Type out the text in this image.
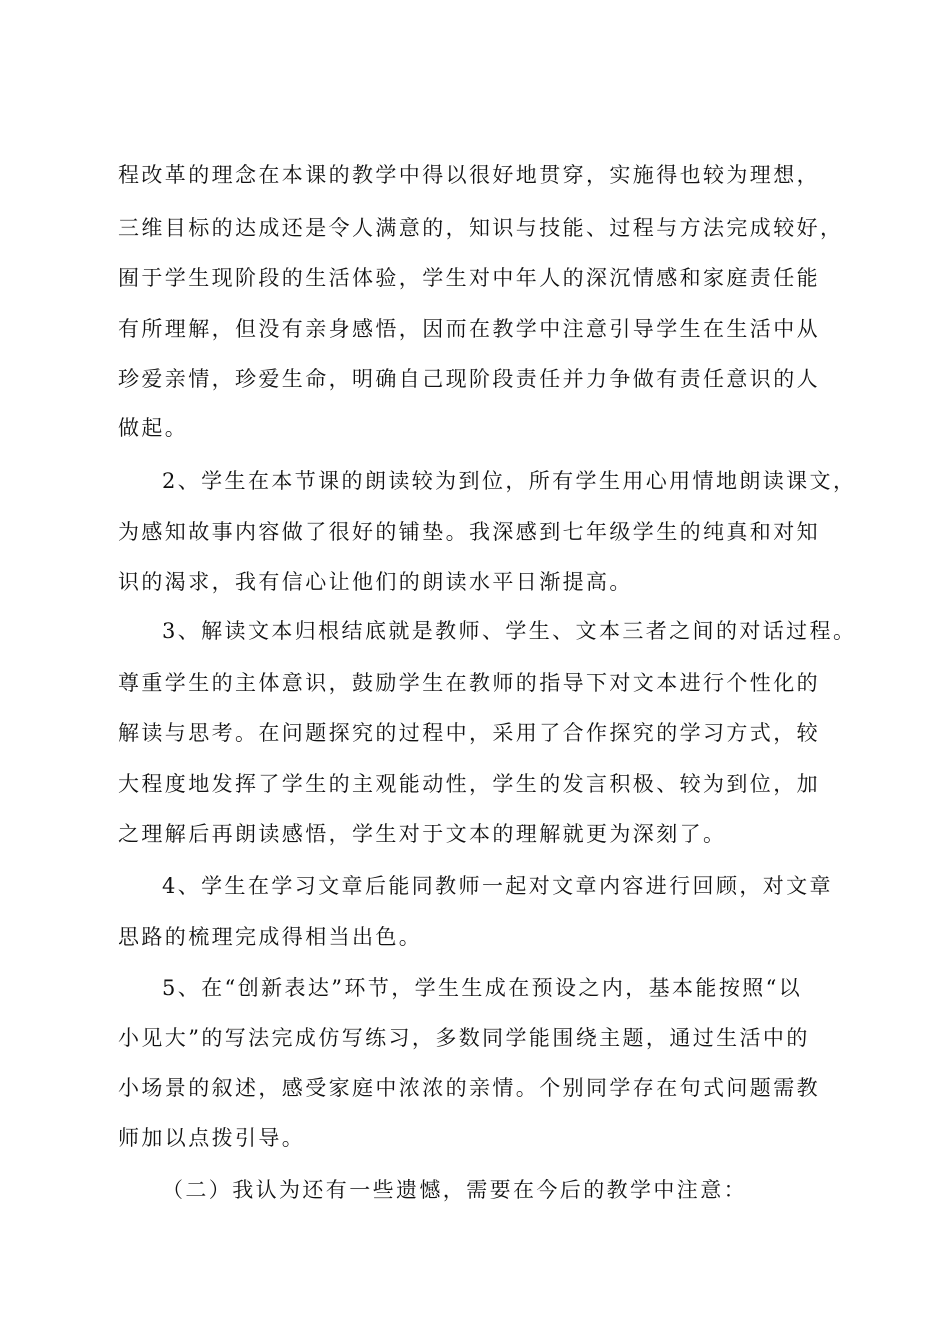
程改革的理念在本课的教学中得以很好地贯穿，实施得也较为理想，
三维目标的达成还是令人满意的，知识与技能、过程与方法完成较好，
囿于学生现阶段的生活体验，学生对中年人的深沉情感和家庭责任能
有所理解，但没有亲身感悟，因而在教学中注意引导学生在生活中从
珍爱亲情，珍爱生命，明确自己现阶段责任并力争做有责任意识的人
做起。
2、学生在本节课的朗读较为到位，所有学生用心用情地朗读课文，
为感知故事内容做了很好的铺垫。我深感到七年级学生的纯真和对知
识的渴求，我有信心让他们的朗读水平日渐提高。
3、解读文本归根结底就是教师、学生、文本三者之间的对话过程。
尊重学生的主体意识，鼓励学生在教师的指导下对文本进行个性化的
解读与思考。在问题探究的过程中，采用了合作探究的学习方式，较
大程度地发挥了学生的主观能动性，学生的发言积极、较为到位，加
之理解后再朗读感悟，学生对于文本的理解就更为深刻了。
4、学生在学习文章后能同教师一起对文章内容进行回顾，对文章
思路的梳理完成得相当出色。
5、在“创新表达”环节，学生生成在预设之内，基本能按照“以
小见大”的写法完成仿写练习，多数同学能围绕主题，通过生活中的
小场景的叙述，感受家庭中浓浓的亲情。个别同学存在句式问题需教
师加以点拨引导。
（二）我认为还有一些遗憾，需要在今后的教学中注意：
